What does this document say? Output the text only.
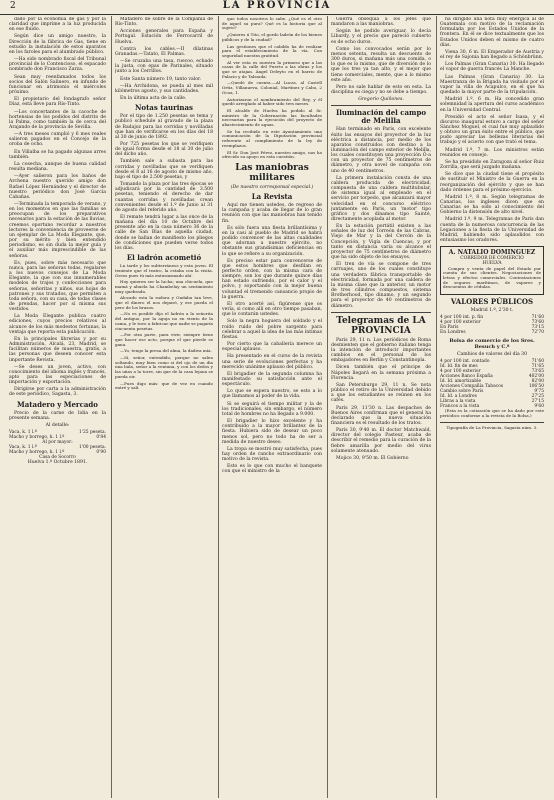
2	LA PROVINCIA

dado por la economía de gas y por la claridad que imprime a la luz producida en ese fluido.

Según dice un amigo nuestro, la Dirección de la fábrica de Gas, tiene en estudio la instalación de estos aparatos en los faroles para el alumbrado público.

—Ha sido nombrado fiscal del Tribunal provincial de lo Contencioso, el espacado nombrado don Francisco Zarza.

Sean muy reenfamados todos los socios del Salón Salinero, en infundo de funcionar en atrimonio el miércoles próximo.

El propietario del fondagrafo señor Díaz, está lleve para Río-Tinto.

—Los concertantes de la cacoche de hortensias de los podidos del distrito de la Palma, como también la de cerca del Arajando de la provincia de Sevilla.

—A tres meses cumplió y 6 mes reales salieron pagados en el Concejo de la oroba de ocho.

En Villalba se ha pagado algunas arres también.

La cosecha, aunque de buena calidad resulta mediana.

—Ayer salieron para los baños de Archena nuestro querido amigo don Rafael López Hernández y el director de nuestro periódico don José García Cabañas.

—Terminada la temporada de verano, y en los momentos en que las familias se preocupan de los preparativos necesarios para la estación de las lluvias, creemos oportuno recordar a nuestros lectores la conveniencia de proveerse de un ejemplar de La Moda Elegante, que, por su mérito y bien entendido periodismo, es sin duda la mejor guía y el auxiliar más imprescindible de las señoras.

Es, pues, sobre más necesario que nunca, para las señoras todas, regalarse a los nuevos consejos de La Moda Elegante, la que con sus innumerables modelos de trajes y confecciones para señoras, señoritas y niños, sus hojas de patrones y sus tratados, que permiten a toda señora, con su casa, de todas clases de prendas, hacer por sí misma sus vestidos.

La Moda Elegante publica cuatro ediciones, cuyos precios relativos al alcance de los más modestos fortunas, la ventaja que reporta esta publicación.

En la principales librerías y por su Administración, Alcalá, 23, Madrid, se facilitan números de muestra, gratis, a las personas que deseen conocer esta importante Revista.

—Se deses un joven, activo, con conocimiento del idioma inglés y francés, apto para las especiaciones de importación y exportación.

Dirigirse por carta a la administración de este periódico, Sagasta, 3.

Matadero y Mercado

Precio de la carne de lidia en la presente semana.

Al detalle:

Vaca, k. 1 l.º	1'25 peseta.
Macho y borrego, k. 1 l.º	0'84
Al por mayor:	
Vaca, k. 1 l.º	1'00 peseta.
Macho y borrego, k. 1 l.º	0'90
Casa de Socorro	

Huelva 1.º Octubre 1891.

Matadero de sobre de la Compañía de Río-Tinto.

Acciones generales para España y Portugal. Estación de Ferrocarril de Huelva.

Contra los cables.—II dilatinas Granadas.—Tatato, El Palmas.

—Se cruzaba una tasa, ruecoo, echado la justa, con epas de Parinales, situado junto a los Cerrillos.

Este Santa número 19, tanto valor.

—Ha Archidona, se pueda al mes mil kilómetros agosto, y sus cantidades.

En la última acta de la calle.

Notas taurinas

Por el tipo de 1.250 pesetas se tema y publicó schedule al gravado de la plaza de Badajoz para las corridas y novilladas que han de verificarse en los días del 18 al 30 de junio de 1892.

Por 725 pesetas los que se verifiquen de igual forma desde el 18 al 30 de julio del dicho año.

También sale a subasta para las corridas y novilladas que se verifiquen desde el 8 al 16 de agosto de mismo año, bajo el tipo de 2.500 pesetas, y

Tomando la plaza por las tres épocas se adjudicará por la cantidad de 3.500 pesetas, teniendo el derecho de dar cuantas corridas y novilladas crean convenientes desde el 1.º de Junio al 31 de agosto del referido año.

El remate tendrá lugar a las once de la mañana del día 10 de Octubre del presente año en la casa número 36 de la calle de San Blas de aquella ciudad, donde se hallan de manifiesto los pliegos de condiciones que pueden verse todos los días.

El ladrón acometió

La tarde y los subterráneos y esta joven. El teniente que el teatro, la estaba con la visita. Oreos pues tú más entusiasmado ahí.

Hoy quieren ser la lucha; una chicuela, que mamá y abuela ha Chambelay un sentimiento muy quebrada.

Alocado esta la sudora y Ondaba tan leve, que el dinero el nos deparó, y ese pueda el pero de los brazos.

—No es posible dijo el ladrón a la señorita del antiguo, por la aguja no en viento de la cama, y le tuvo a fabricar que nadie se pagaría cincuenta pesetas.

—Por otra parte, para vivir, siempre tiene que hacer ese acto, porque el que pierde se gana.

—Yo, tengo la presa del alma, la dadiva mía.

—Sí, señor, entendido, porque no salen soltando, muy bien como si del ojo de un dia una bala, señor a la ventana, y con los dedos y las uñas a la torre, sin que de la casa lejana se pueda oir.

—Pues digo más: que de vez en cuando entré y salí.

que todos nosotros lo sabe. ¿Qué es el otro de aquel su pura? Qué es la historia que al sujeto?

¿Quieres á Tito, el gordo ladrón de los bienes públicos y de la ciudad?

Las gestiones que el cabildo ha de realizar para el establecimiento de la vía. Con seguridad nuestra gratitud.

Al ver esta es nuestra la primera que a las casas de la calle del Puerto a las obras y los que se atajan. Ángel Deleyto en el barrio de Palacio y de Taboada.

—Quedó de cuenta.—Al Lucas, al Castell Ortiz, Villanueva, Colonial, Martínez y Cabo, 2 Ocoa, 1.

Autorizaron el nombramiento del Rey, y él quedó arreglado al haber sido tres meses.

El alcalde de Huelva ha pedido al Sr. ministro de la Gobernación las facultades necesarias para la ejecución del proyecto de abastecimiento de aguas.

Se ha recibido en este Ayuntamiento una comunicación de la Diputación provincial referente al cumplimiento de la ley de reemplazos.

El Sr. Don José Pérez, nuestro amigo, nos ha ofrecido su apoyo en esta cuestión.

Las maniobras militares
(De nuestro corresponsal especial.)
La Revista

Aquí me tienen ustedes, de regreso de la campaña y acaba de llegar de lo gran reunión con que las maniobras han tenido fin.

Es sólo fuera una fiesta brillantísima y en la casi al pueblo de Madrid se habrá podido convencer de las altas cualidades que adornan a nuestro ejército, no obstante sus grandísimas deficiencias en lo que se refiere a su organización.

Es preciso estar para convencerse de que estos hombres que desfilan en perfecto orden, con la misma cara de siempre, son los que durante quince días han estado sufriendo, por el calor y el polvo, y soportando con la mejor buena voluntad el tremendo cansancio propio de la guerra.

El otro acerté así, figúrense que os vería, si como allí en otro tiempo pasaban, que lo contarán ustedes.

Solo la negra hoguera del soldado y el roído ruido del pobre sargento para celebrar a aquel la idea de las más íntimas fiestas.

Por cierto que la caballería merece un especial aplauso.

Ha presentado en el curso de la revista una serie de evoluciones perfectas y ha merecido unánime aplauso del público.

El brigadier de la segunda columna ha manifestado su satisfacción ante el espectáculo.

Lo que se espera nuestro, se esto a lo que llamamos al poder de la vida.

Si se seguirá el tiempo militar y la de los tradicionales, sin embargo, el número total de hombres no ha llegado a 9.000.

El brigadier lo hizo excelente y ha contribuido a la mayor brillantez de la fiesta. Hubiera sido de desear un poco menos sol, pero no todo ha de ser a medida de nuestro deseo.

La tropa se mostró muy satisfecha, pues hay orden de rancho extraordinario con motivo de la revista.

Esto es lo que con mucho el banquete con que el ministro de la

Guerra obsequia a los jefes que mandaron a las maniobras.

Según he podido averiguar, lo decía Libardy, y el precio que pareció cubierto es de ocho duros.

Como los convocados serán por lo menos setenta, resulta un descuento de 300 duros, si mañana más una comida, o lo que es lo mismo, que de diversión de lo que los tres ya tan alto, y el mejor que tiene comerciales, mente, que a lo mismo este año.

Pero no sale hablar de esto en esta. La disciplina es ciega y no se debe a tiempo.

Gregorio Quiñones.

Iluminación del campo de Melilla

Han terminado en París, con excelente éxito las ensayos del proyector de la luz eléctrica a distancia, por medio de los aparatos construidos con destino a la iluminación del campo exterior de Melilla, los cuales constituyen una proyección Ó-a con un proyector de 75 centímetros de diámetro, y otra novel de campaña con uno de 40 centímetros.

La primera instalación consta de una caldera producida de electricidad, compuesta de una caldera multitubular, de sistema igual al empleado en el servicio por torpedo, que alcanzará mayor velocidad en el concurso eléctrico juntamente en París, un 'motor' tipo gráfico y dos dínamos tipo Sainté, directamente acoplada al motor.

En la estación portátil existen a las señales de luz del Torreón de las Cabras, Viejo de Mar y la del Cercón de la Concepción, y Vigía de Cuencas, y por tanto en distancia varía su alcance el proyector de 75 centímetros de diámetro que ha sido objeto de los ensayos.

El tren de vía se compone de tres carruajes, uno de los cuales constituye una verdadera fábrica transportable de electricidad, formada por una caldera de la misma clase que la anterior, un motor de tres cilindros compuestos, sistema Brotherhood, tipo dinamo, y un segundo para el proyector de 40 centímetros de diámetro.

Telegramas de LA PROVINCIA

París 29, 11 n. Los periódicos de Roma desmienten que el gobierno italiano tenga la intención de introducir importantes cambios en el personal de los embajadores en Berlín y Constantinopla.

Dicen también que el príncipe de Nápoles llegará en la semana próxima a Florencia.

San Petersburgo 29, 11 n. Se nota público el retiro de la Universidad debido a que los estudiantes se reúnen en los cafés.

París 29, 11'30 n. Las despachos de Buenos Aires confirman que el general ha declarado que la nueva situación financiera es el resultado de los tratos.

París 30, 9'40 m. El doctor Matchwald, director del colegio Pasteur, acaba de describir el remedio para la curación de la fiebre amarilla por medio del virus solamente atenuado.

Mojico 30, 9'50 m. El Gobierno

ha dirigido una nota muy enérgica al de Guatemala con motivo de la reclamación formulada por los Estados Unidos de la frontera. En él se dice textualmente que los Estados Unidos deben el mismo de cuatro días.

Viena 30, 6 m. El Emperador de Austria y el rey de Sajonia han llegado a Schönbrünn.

Los Palmas (Gran Canaria) 30. Ha llegado el vapor de guerra francés La Manche.

Las Palmas (Gran Canaria) 30. La Maestranza de la Brigada ha visitado por el vapor la villa de Acapulco, en el que ha quedado la mayor parte de la tripulación.

Madrid 1.º, 6 m. Ha concedido gran solemnidad la apertura del curso académico en la Universidad Central.

Presidió el acto el señor Isasa, y el discurso inaugural estuvo a cargo del señor Sánchez Moguel, el cual fué muy aplaudido y obtuvo un gran éxito entre el público, que pudo apreciar las bellezas literarias del trabajo y el acierto con que trató el tema.

Madrid 1.º, 7 m. Los ministros están reunidos en consejo.

Se ha presidido en Zaragoza al señor Ruiz Zorrilla, que será juzgado mañana.

Se dice que la ciudad tiene el propósito de sustituir el Ministro de la Guerra en la reorganización del ejército y que se han dado órdenes para el próximo ejercicio.

Madrid 1.º, 8 m. Según telegramas de Canarias, los ingleses dicen que en Canarias se ha oído al conocimiento del Gobierno la distensión de alto nivel.

Madrid 1.º, 9 m. Telegramas de París dan cuenta de la numerosa concurrencia de las Legaciones a la fiesta de la Universidad de Madrid, habiendo sido aplaudidos con entusiasmo los oradores.

A. NATALIO DOMINGUEZ
CORREDOR DE COMERCIO
HUELVA

Compra y venta de papel del Estado por cuenta de sus clientes. Negociaciones de letras y efectos comerciales. Contrataciones de seguros marítimos, de vapores y descuentos de cédulas.

VALORES PÚBLICOS

Madrid 1.º, 2'30 t.

4 por 100 int. p. fin	71'60
4 por 100 exterior	73'60
En París	73'15
En Londres	72'70
Bolsa de comercio de los Sres. Besuch y C.ª

Cambios de valores del día 30

4 por 100 int. contado	71'60
Id. Id. fin de mes	71'65
4 por 100 exterior	73'65
Acciones Banco España	402'00
Id. Id. amortizable	82'00
Acciones Compañía Tabacos	106'50
Cambio sobre París	9'75
Id. Id. a Londres	27'25
Libras a la vista	27'15
Francos a la vista	9'60

(Esta es la cotización que se ha dado por este periódico conforme a la revista de la Bolsa.)

Tipografía de La Provincia, Sagasta núm. 3.
